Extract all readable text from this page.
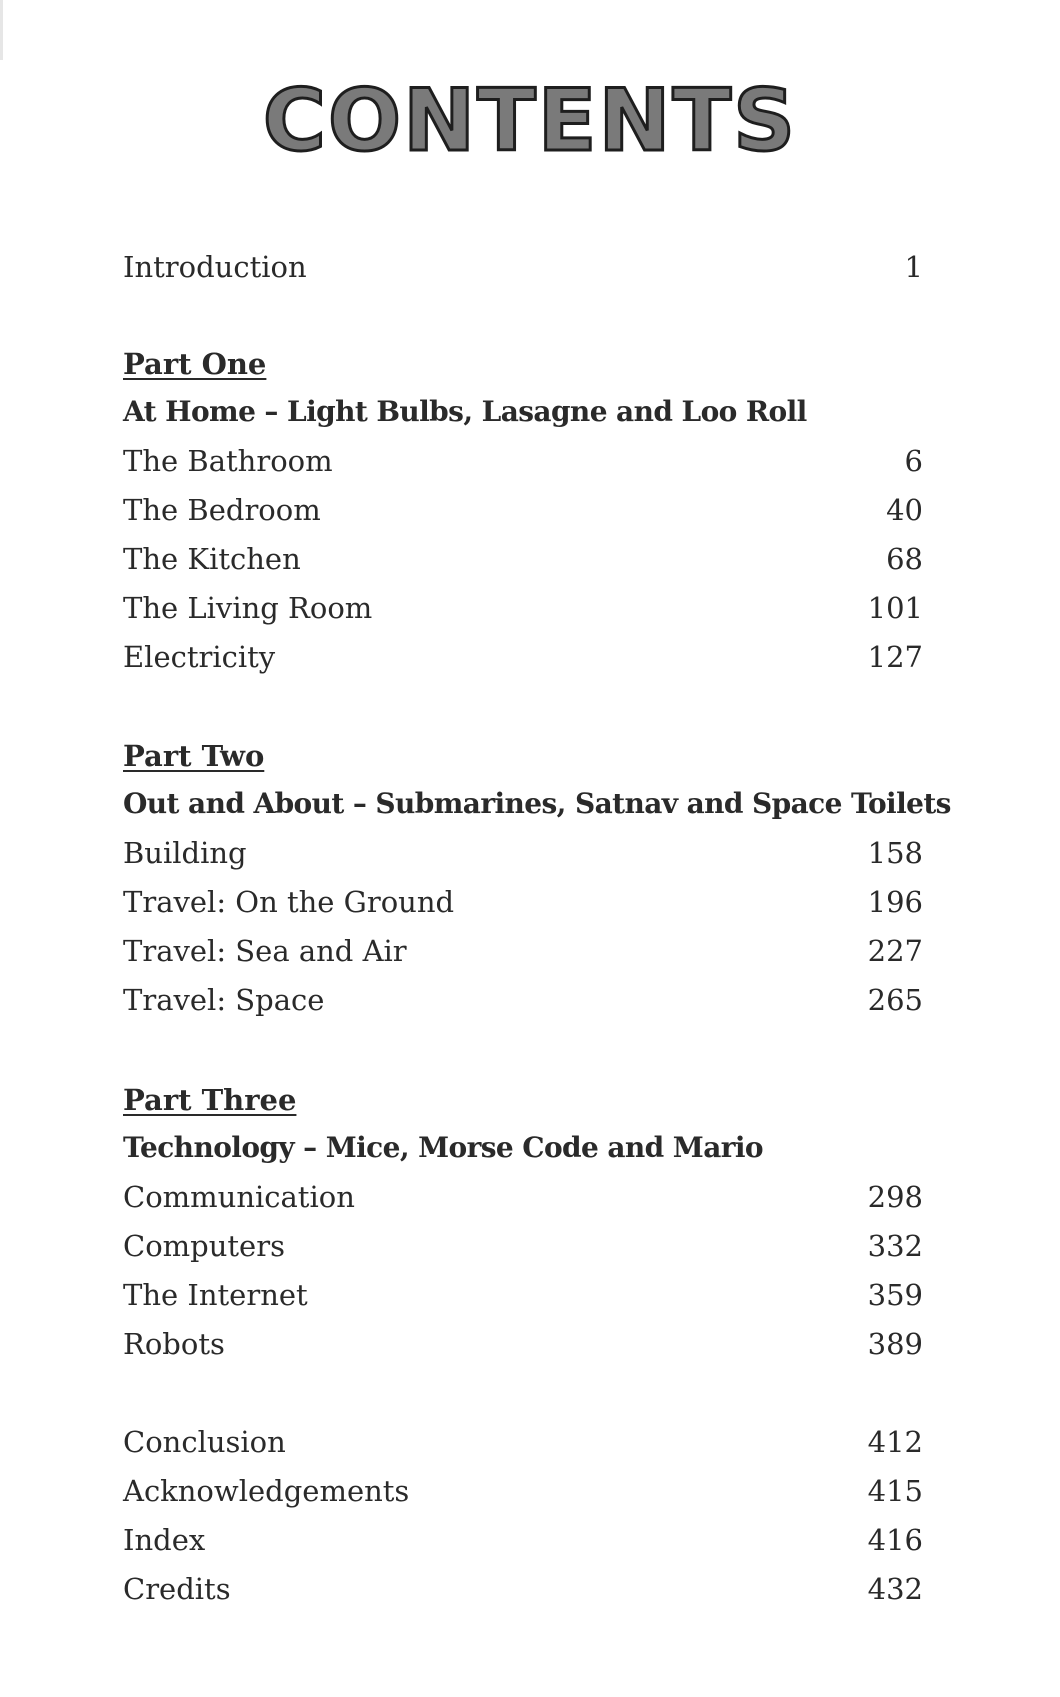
CONTENTS
Introduction	1
Part One
At Home – Light Bulbs, Lasagne and Loo Roll
The Bathroom	6
The Bedroom	40
The Kitchen	68
The Living Room	101
Electricity	127
Part Two
Out and About – Submarines, Satnav and Space Toilets
Building	158
Travel: On the Ground	196
Travel: Sea and Air	227
Travel: Space	265
Part Three
Technology – Mice, Morse Code and Mario
Communication	298
Computers	332
The Internet	359
Robots	389
Conclusion	412
Acknowledgements	415
Index	416
Credits	432
